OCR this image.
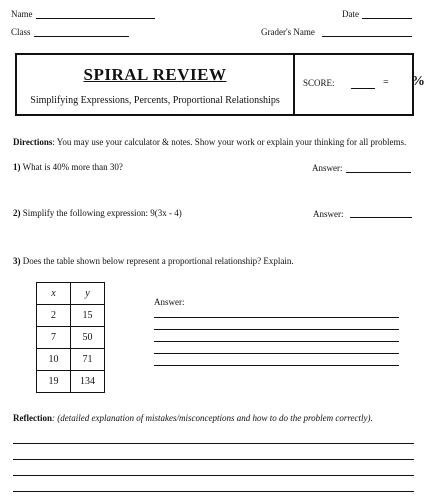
Name	Date
Class	Grader's Name
SPIRAL REVIEW
Simplifying Expressions, Percents, Proportional Relationships
SCORE:	= %
Directions: You may use your calculator & notes. Show your work or explain your thinking for all problems.
1) What is 40% more than 30?	Answer:
2) Simplify the following expression: 9(3x - 4)	Answer:
3) Does the table shown below represent a proportional relationship? Explain.
x	y
2	15
7	50
10	71
19	134
Answer:
Reflection: (detailed explanation of mistakes/misconceptions and how to do the problem correctly).
